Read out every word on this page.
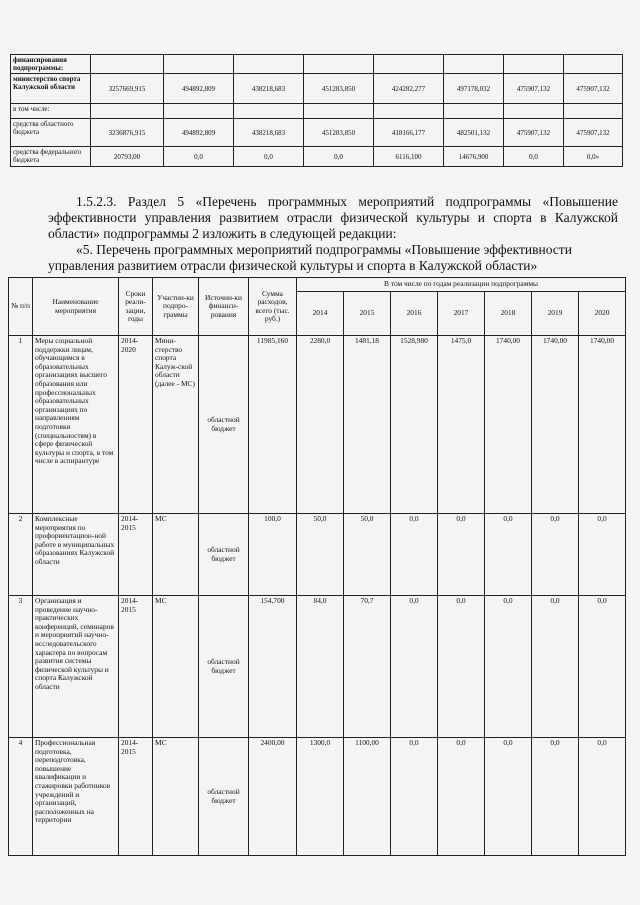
финансирования подпрограммы:								
министерство спорта Калужской области	3257669,915	494892,809	438218,683	451283,850	424282,277	497178,032	475907,132	475907,132
в том числе:								
средства областного бюджета	3236876,915	494892,809	438218,683	451283,850	418166,177	482501,132	475907,132	475907,132
средства федерального бюджета	20793,00	0,0	0,0	0,0	6116,100	14676,900	0,0	0,0»

1.5.2.3. Раздел 5 «Перечень программных мероприятий подпрограммы «Повышение эффективности управления развитием отрасли физической культуры и спорта в Калужской области» подпрограммы 2 изложить в следующей редакции:

«5. Перечень программных мероприятий подпрограммы «Повышение эффективности управления развитием отрасли физической культуры и спорта в Калужской области»

№ п/п	Наименование мероприятия	Сроки реали-зации, годы	Участни-ки подпро-граммы	Источни-ки финанси-рования	Сумма расходов, всего (тыс. руб.)	В том числе по годам реализации подпрограммы						
						2014	2015	2016	2017	2018	2019	2020
1	Меры социальной поддержки лицам, обучающимся в образовательных организациях высшего образования или профессиональных образовательных организациях по направлениям подготовки (специальностям) в сфере физической культуры и спорта, в том числе в аспирантуре	2014-2020	Мини-стерство спорта Калуж-ской области (далее - МС)	областной бюджет	11985,160	2280,0	1481,18	1528,980	1475,0	1740,00	1740,00	1740,00
2	Комплексные мероприятия по профориентацион-ной работе в муниципальных образованиях Калужской области	2014-2015	МС	областной бюджет	100,0	50,0	50,0	0,0	0,0	0,0	0,0	0,0
3	Организация и проведение научно-практических конференций, семинаров и мероприятий научно-исследовательского характера по вопросам развития системы физической культуры и спорта Калужской области	2014-2015	МС	областной бюджет	154,700	84,0	70,7	0,0	0,0	0,0	0,0	0,0
4	Профессиональная подготовка, переподготовка, повышение квалификации и стажировки работников учреждений и организаций, расположенных на территории	2014-2015	МС	областной бюджет	2400,00	1300,0	1100,00	0,0	0,0	0,0	0,0	0,0
